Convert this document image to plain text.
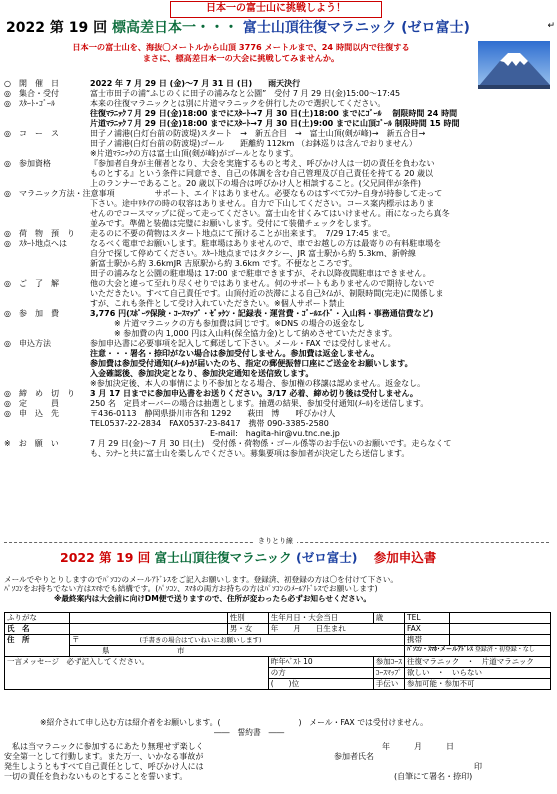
日本一の富士山に挑戦しよう！
2022 第 19 回 標高差日本一・・・ 富士山頂往復マラニック (ゼロ富士)	↵
日本一の富士山を、海抜〇メートルから山頂 3776 メートルまで、24 時間以内で往復する
まさに、標高差日本一の大会に挑戦してみませんか。
○　開　催　日	2022 年 7 月 29 日 (金)～7 月 31 日 (日)　　雨天決行
◎　集合・受付	富士市田子の浦“ふじのくに田子の浦みなと公園”　受付 7 月 29 日(金)15:00～17:45
◎　ｽﾀｰﾄ･ｺﾞｰﾙ	本来の往復マラニックとは別に片道マラニックを併行したので選択してください。
往復ﾏﾗﾆｯｸ７月 29 日(金)18:00 までにｽﾀｰﾄ→7 月 30 日(土)18:00 までにｺﾞｰﾙ　 制限時間 24 時間
片道ﾏﾗﾆｯｸ７月 29 日(金)18:00 までにｽﾀｰﾄ→7 月 30 日(土)9:00 までに山頂ｺﾞｰﾙ 制限時間 15 時間
◎　コ　ー　ス	田子ノ浦港(白灯台前の防波堤)スタート　→　新五合目　→　富士山頂(剣が峰)→　新五合目→
田子ノ浦港(白灯台前の防波堤)ゴール　　距離約 112km （お鉢巡りは含んでおりません）
※片道ﾏﾗﾆｯｸの方は富士山頂(剣が峰)がゴールとなります。
◎　参加資格	『参加者自身が主催者となり、大会を実施するものと考え、呼びかけ人は一切の責任を負わない
ものとする』という条件に同意でき、自己の体調を含む自己管理及び自己責任を持てる 20 歳以
上のランナーであること。20 歳以下の場合は呼びかけ人と相談すること。(父兄同伴が条件)
◎　マラニック方法・注意事項　　　　　サポート、エイドはありません。必要なものはすべてﾗﾝﾅｰ自身が持参して走って
下さい。途中ﾘﾀｲｱの時の収容はありません。自力で下山してください。コース案内標示はありま
せんのでコースマップに従って走ってください。富士山を甘くみてはいけません。雨になったら真冬
並みです。準備と装備は完璧にお願いします。受付にて装備チェックをします。
◎　荷　物　預　り	走るのに不要の荷物はスタート地点にて預けることが出来ます。　7/29 17:45 まで。
◎　ｽﾀｰﾄ地点へは	なるべく電車でお願いします。駐車場はありませんので、車でお越しの方は最寄りの有料駐車場を
自分で探して停めてください。ｽﾀｰﾄ地点まではタクシー、JR 富士駅から約 5.3km、新幹線
新富士駅から約 3.6kmJR 吉原駅から約 3.6km です。不便なところです。
田子の浦みなと公園の駐車場は 17:00 まで駐車できますが、それ以降夜間駐車はできません。
◎　ご　了　解	他の大会と違って至れり尽くせりではありません。何のサポートもありませんので期待しないで
いただきたい。すべて自己責任です。山頂付近の渋滞による自己ﾀｲﾑが、制限時間(完走)に関係しま
すが、これも条件として受け入れていただきたい。※個人サポート禁止
◎　参　加　費	3,776 円(ｽﾎﾟｰﾂ保険・ｺｰｽﾏｯﾌﾟ・ｾﾞｯｹﾝ・記録表・運営費・ｺﾞｰﾙｴｲﾄﾞ・入山料・事務通信費など)
　　　※ 片道マラニックの方も参加費は同じです。※DNS の場合の返金なし
　　　※ 参加費の内 1,000 円は入山料(保全協力金)として納めさせていただきます。
◎　申込方法	参加申込書に必要事項を記入して郵送して下さい。メール・FAX では受付しません。
注意・・・署名・捺印がない場合は参加受付しません。参加費は返金しません。
参加費は参加受付通知(ﾒｰﾙ)が届いたのち、指定の郵便振替口座にご送金をお願いします。
入金確認後、参加決定となり、参加決定通知を送信致します。
※参加決定後、本人の事情により不参加となる場合、参加権の移譲は認めません。返金なし。
◎　締　め　切　り	3 月 17 日までに参加申込書をお送りください。3/17 必着、締め切り後は受付しません。
◎　定　　　員	250 名　定員オーバーの場合は抽選とします。抽選の結果、参加受付通知(ﾒｰﾙ)を送信します。
◎　申　込　先	〒436-0113　静岡県掛川市各和 1292　　萩田　博　　呼びかけ人
TEL0537-22-2834　FAX0537-23-8417　携帯 090-3385-2580
E-mail:　hagita-hir@vu.tnc.ne.jp
※　お　願　い	7 月 29 日(金)～7 月 30 日(土)　受付係・荷物係・ゴール係等のお手伝いのお願いです。走らなくて
も、ﾗﾝﾅｰと共に富士山を楽しんでください。募集要項は参加者が決定したら送信します。
きりとり線
2022 第 19 回 富士山頂往復マラニック (ゼロ富士) 参加申込書
メールでやりとりしますのでﾊﾟｿｺﾝのメールｱﾄﾞﾚｽをご記入お願いします。登録済、初登録の方は〇を付けて下さい。
ﾊﾟｿｺﾝをお持ちでない方はｽﾏﾎでも結構です。(ﾊﾟｿｺﾝ、ｽﾏﾎの両方お持ちの方はﾊﾟｿｺﾝのﾒｰﾙｱﾄﾞﾚｽでお願いします)
※最終案内は大会前に向けDM便で送りますので、住所が変わったら必ずお知らせください。
ふりがな		性別	生年月日・大会当日	歳	TEL	
氏　名		男・女	年　　月　　日生まれ		FAX	
住　所	〒　　　　　　　　 (手書きの場合はていねいにお願いします)				携帯	
	　　　　県　　　　　　　　　 市				ﾊﾟｿｺﾝ・ｽﾏﾎ･メールｱﾄﾞﾚｽ 登録済・初登録・なし	
一言メッセージ　必ず記入してください。			昨年ﾍﾞｽﾄ 10	参加ｺｰｽ	往復マラニック　・　片道マラニック	
			の方	ｺｰｽﾏｯﾌﾟ	欲しい　・　いらない	
			(　　)位	手伝い	参加可能・参加不可	
※紹介されて申し込む方は紹介者をお願いします。(　　　　　　　　　　)　メール・FAX では受付けません。
――　誓約書　――
私は当マラニックに参加するにあたり無理せず楽しく	年　　　月　　　日
安全第一として行動します。また万一、いかなる事故が	参加者氏名
発生しようともすべて自己責任として、呼びかけ人には	印
一切の責任を負わないものとすることを誓います。	(自筆にて署名・捺印)
